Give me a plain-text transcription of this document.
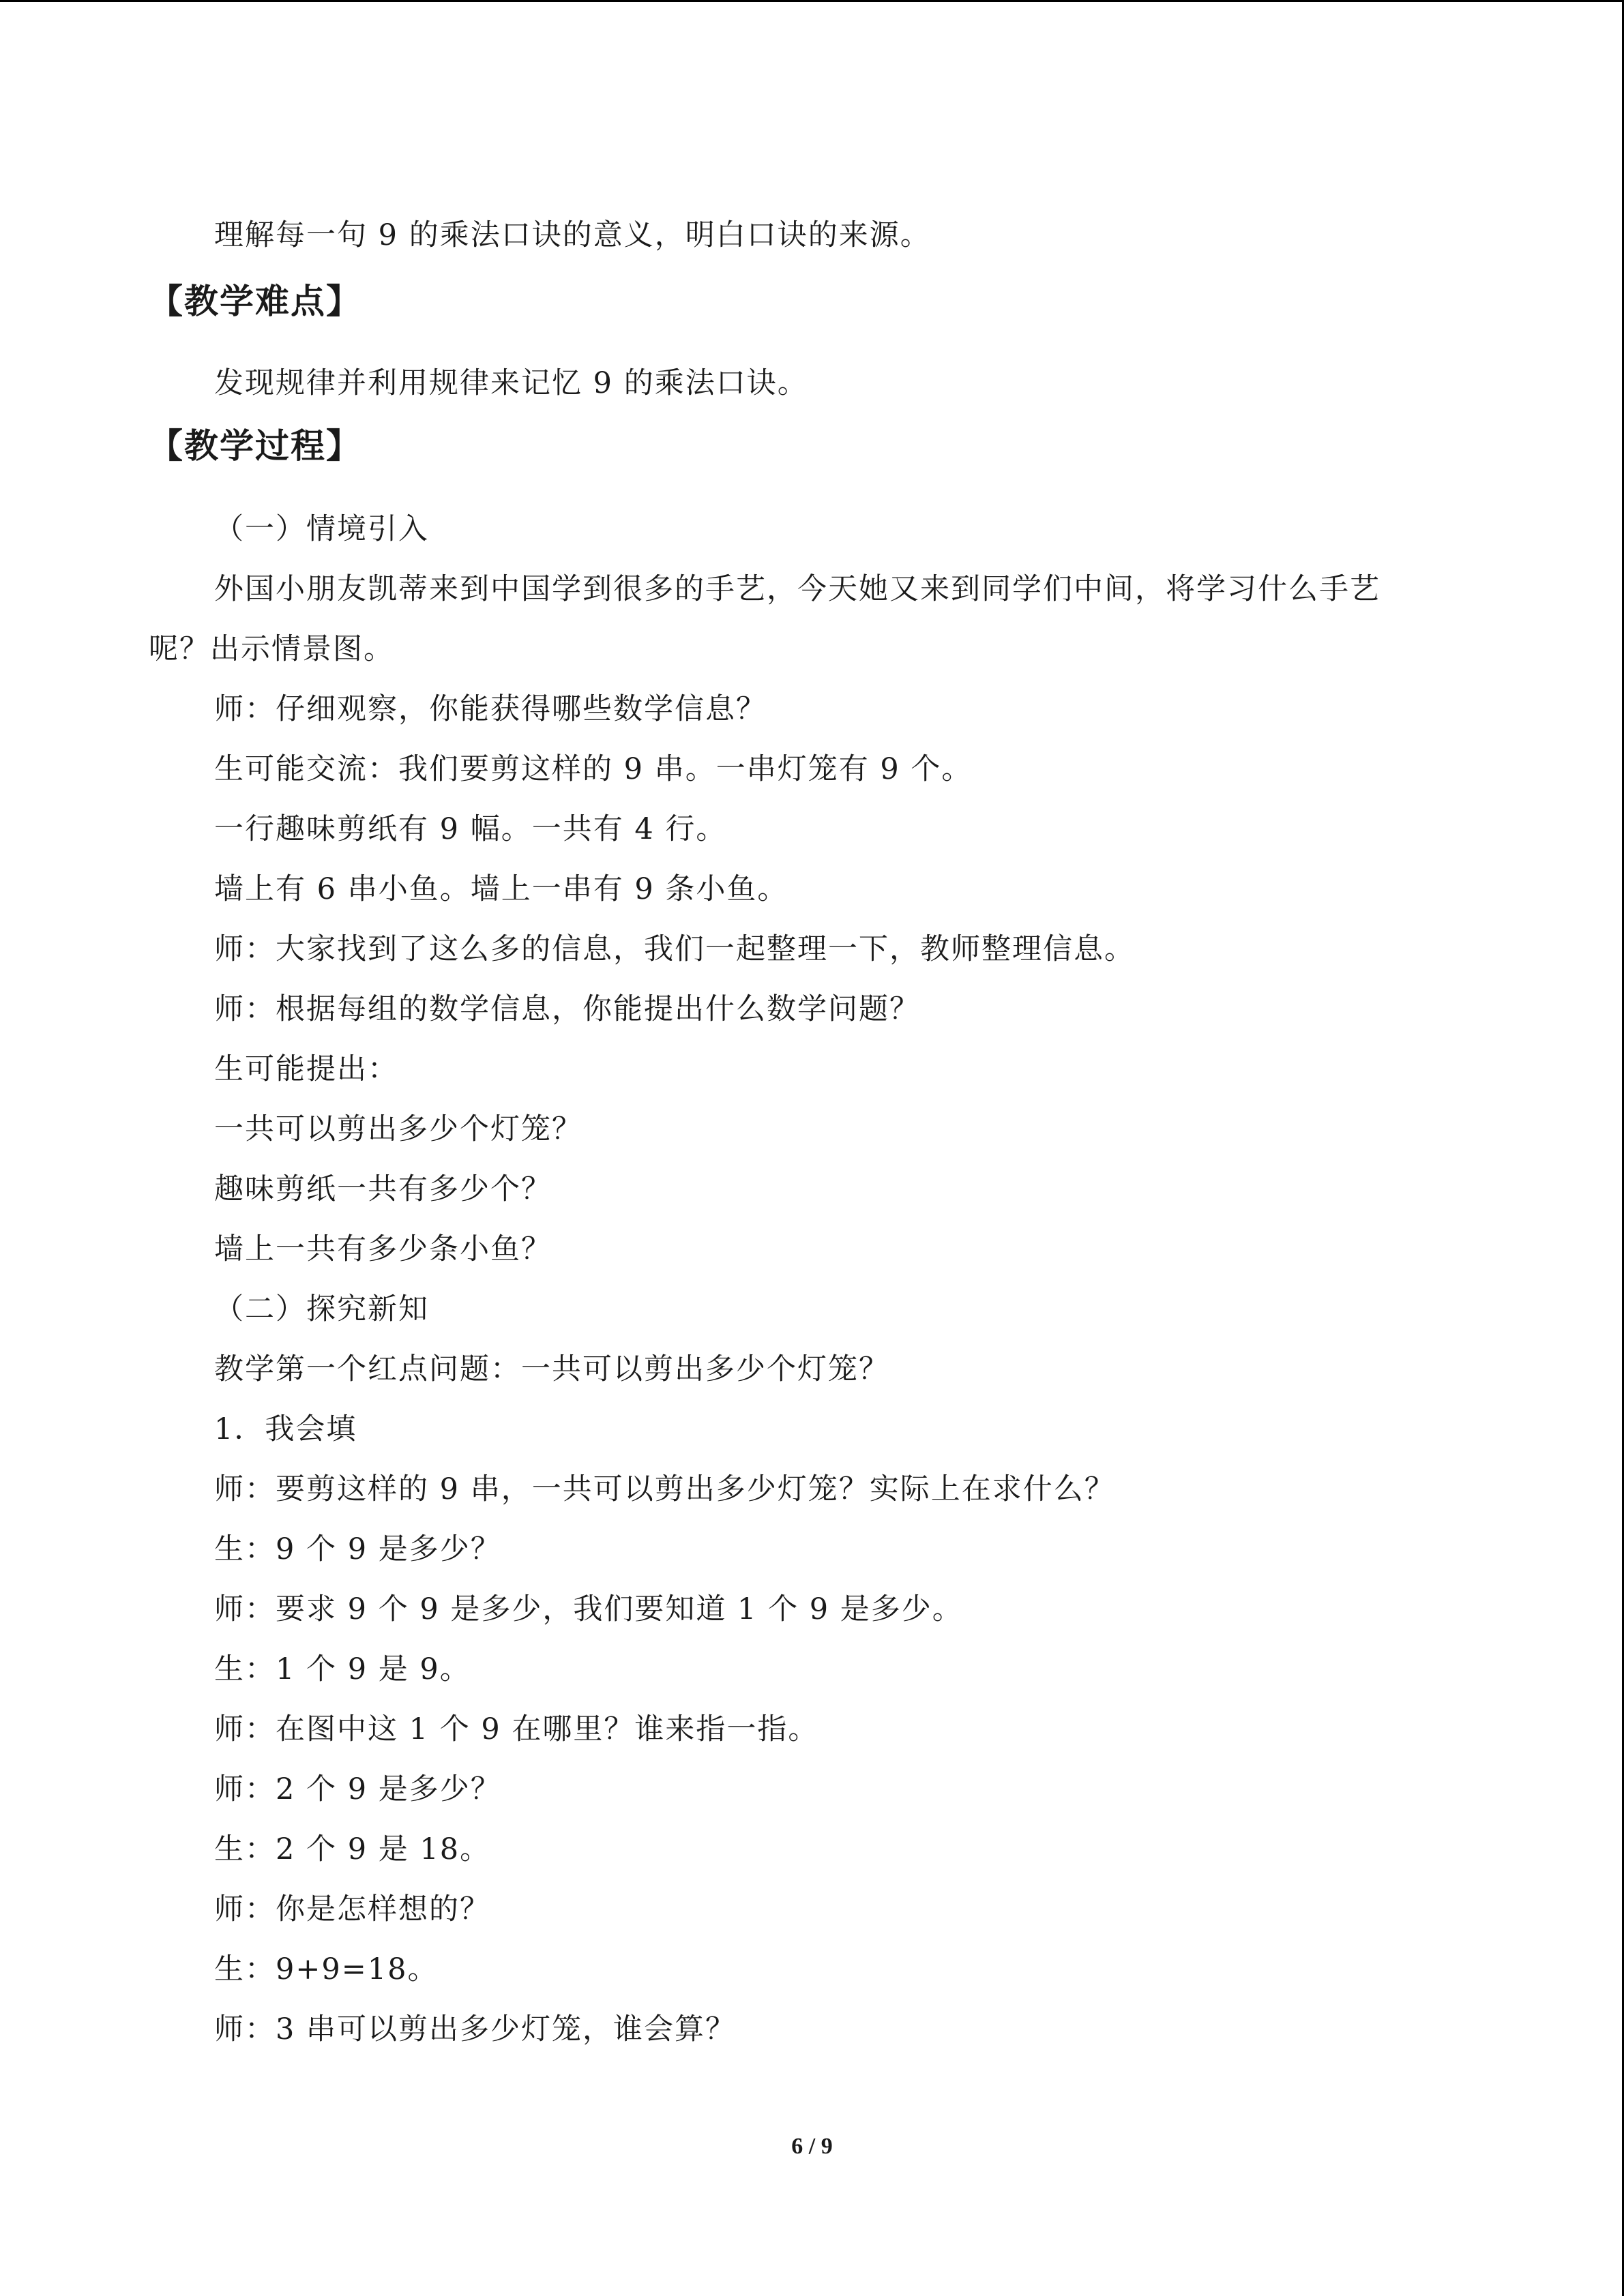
理解每一句 9 的乘法口诀的意义，明白口诀的来源。
【教学难点】
发现规律并利用规律来记忆 9 的乘法口诀。
【教学过程】
（一）情境引入
外国小朋友凯蒂来到中国学到很多的手艺，今天她又来到同学们中间，将学习什么手艺
呢？出示情景图。
师：仔细观察，你能获得哪些数学信息？
生可能交流：我们要剪这样的 9 串。一串灯笼有 9 个。
一行趣味剪纸有 9 幅。一共有 4 行。
墙上有 6 串小鱼。墙上一串有 9 条小鱼。
师：大家找到了这么多的信息，我们一起整理一下，教师整理信息。
师：根据每组的数学信息，你能提出什么数学问题？
生可能提出：
一共可以剪出多少个灯笼？
趣味剪纸一共有多少个？
墙上一共有多少条小鱼？
（二）探究新知
教学第一个红点问题：一共可以剪出多少个灯笼？
1．我会填
师：要剪这样的 9 串，一共可以剪出多少灯笼？实际上在求什么？
生：9 个 9 是多少？
师：要求 9 个 9 是多少，我们要知道 1 个 9 是多少。
生：1 个 9 是 9。
师：在图中这 1 个 9 在哪里？谁来指一指。
师：2 个 9 是多少？
生：2 个 9 是 18。
师：你是怎样想的？
生：9+9=18。
师：3 串可以剪出多少灯笼，谁会算？
6 / 9
